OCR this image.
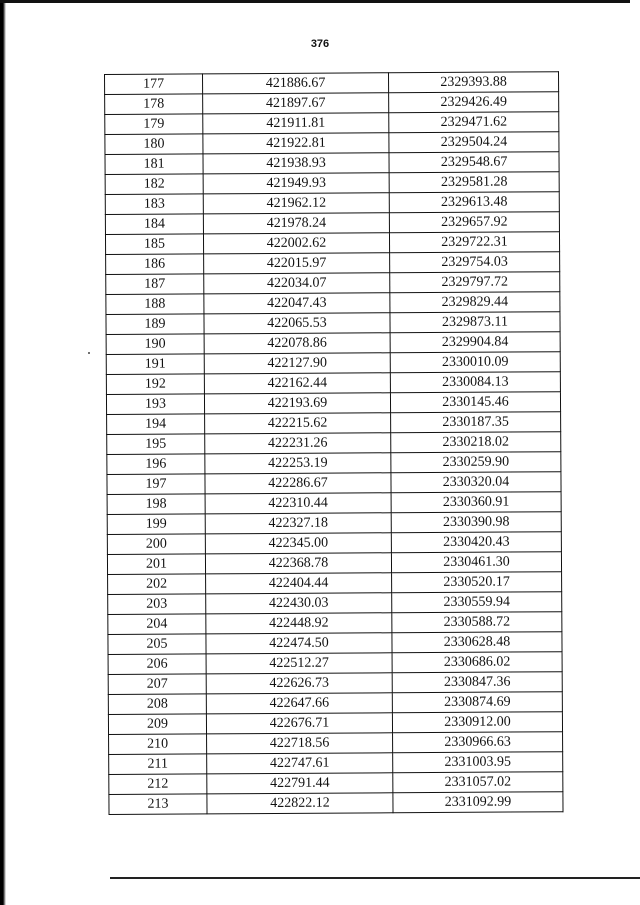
376
177	421886.67	2329393.88
178	421897.67	2329426.49
179	421911.81	2329471.62
180	421922.81	2329504.24
181	421938.93	2329548.67
182	421949.93	2329581.28
183	421962.12	2329613.48
184	421978.24	2329657.92
185	422002.62	2329722.31
186	422015.97	2329754.03
187	422034.07	2329797.72
188	422047.43	2329829.44
189	422065.53	2329873.11
190	422078.86	2329904.84
191	422127.90	2330010.09
192	422162.44	2330084.13
193	422193.69	2330145.46
194	422215.62	2330187.35
195	422231.26	2330218.02
196	422253.19	2330259.90
197	422286.67	2330320.04
198	422310.44	2330360.91
199	422327.18	2330390.98
200	422345.00	2330420.43
201	422368.78	2330461.30
202	422404.44	2330520.17
203	422430.03	2330559.94
204	422448.92	2330588.72
205	422474.50	2330628.48
206	422512.27	2330686.02
207	422626.73	2330847.36
208	422647.66	2330874.69
209	422676.71	2330912.00
210	422718.56	2330966.63
211	422747.61	2331003.95
212	422791.44	2331057.02
213	422822.12	2331092.99
